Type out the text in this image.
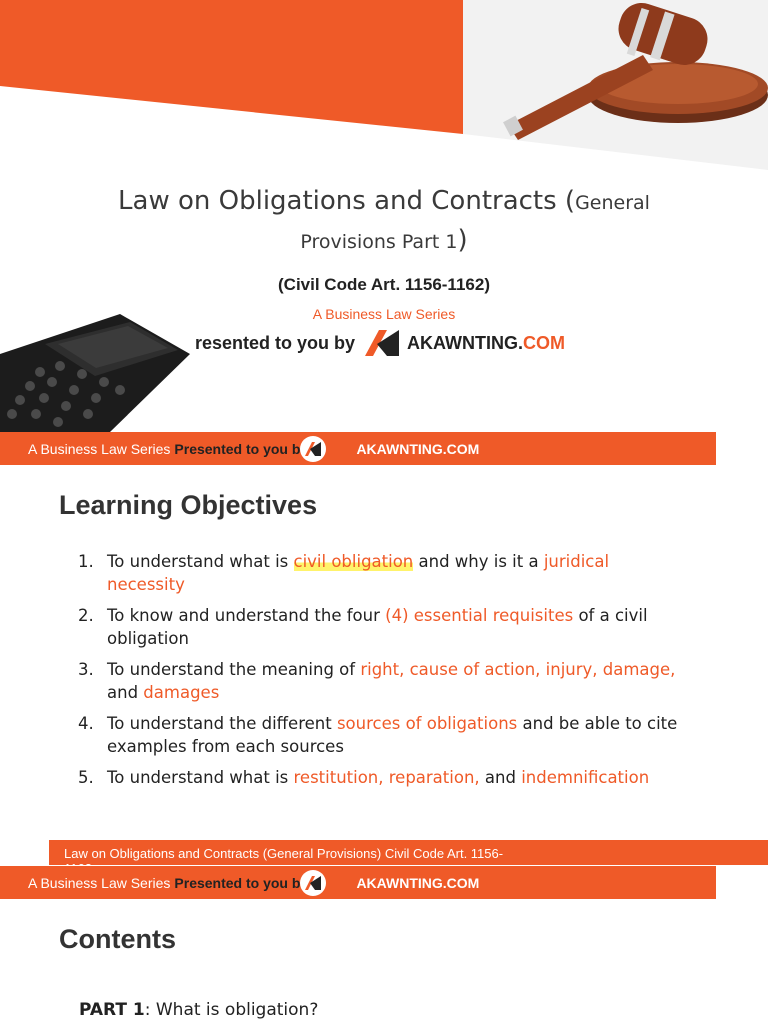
Law on Obligations and Contracts (General
Provisions Part 1)
(Civil Code Art. 1156-1162)
A Business Law Series
resented to you by	AKAWNTING.COM
A Business Law Series Presented to you b	AKAWNTING.COM
Learning Objectives
1. To understand what is civil obligation and why is it a juridical necessity
2. To know and understand the four (4) essential requisites of a civil obligation
3. To understand the meaning of right, cause of action, injury, damage, and damages
4. To understand the different sources of obligations and be able to cite examples from each sources
5. To understand what is restitution, reparation, and indemnification
Law on Obligations and Contracts (General Provisions) Civil Code Art. 1156-
A Business Law Series Presented to you b	AKAWNTING.COM
Contents
PART 1: What is obligation?
